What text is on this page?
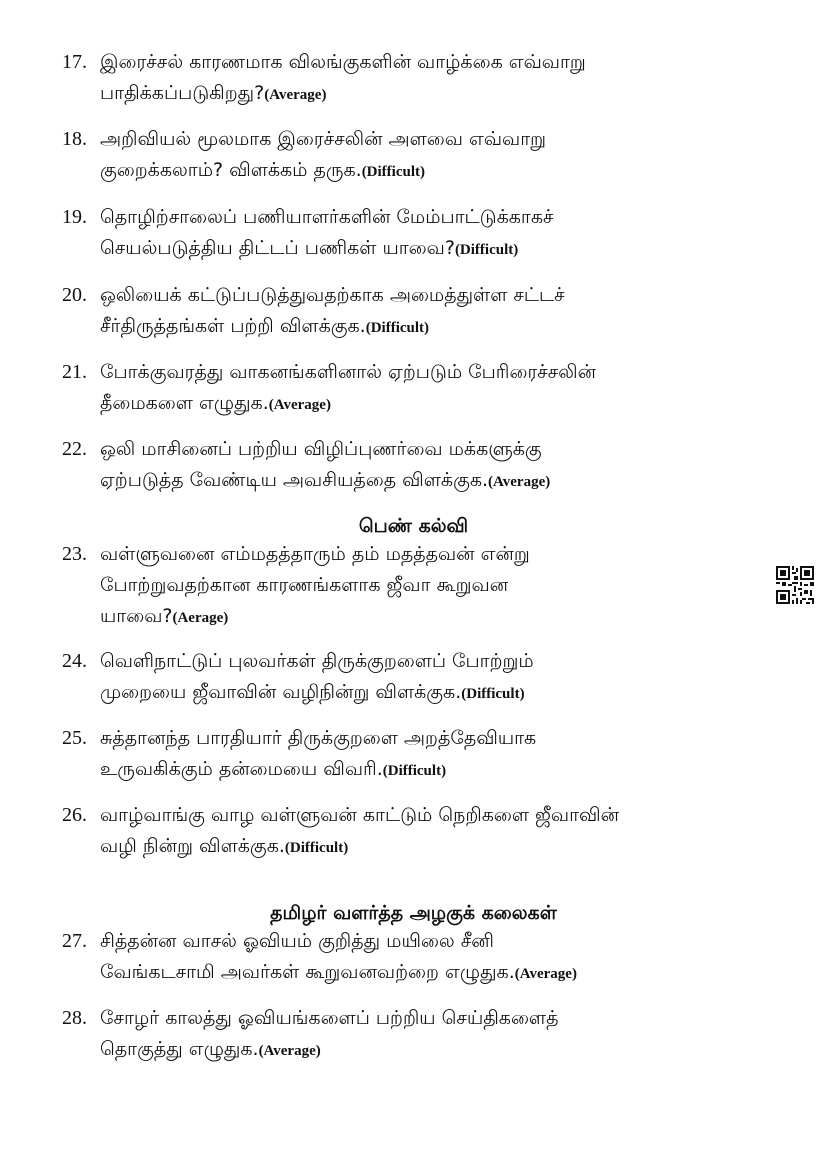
17. இரைச்சல் காரணமாக விலங்குகளின் வாழ்க்கை எவ்வாறு
பாதிக்கப்படுகிறது?(Average)
18. அறிவியல் மூலமாக இரைச்சலின் அளவை எவ்வாறு
குறைக்கலாம்? விளக்கம் தருக.(Difficult)
19. தொழிற்சாலைப் பணியாளர்களின் மேம்பாட்டுக்காகச்
செயல்படுத்திய திட்டப் பணிகள் யாவை?(Difficult)
20. ஒலியைக் கட்டுப்படுத்துவதற்காக அமைத்துள்ள சட்டச்
சீர்திருத்தங்கள் பற்றி விளக்குக.(Difficult)
21. போக்குவரத்து வாகனங்களினால் ஏற்படும் பேரிரைச்சலின்
தீமைகளை எழுதுக.(Average)
22. ஒலி மாசினைப் பற்றிய விழிப்புணர்வை மக்களுக்கு
ஏற்படுத்த வேண்டிய அவசியத்தை விளக்குக.(Average)
பெண் கல்வி
23. வள்ளுவனை எம்மதத்தாரும் தம் மதத்தவன் என்று
போற்றுவதற்கான காரணங்களாக ஜீவா கூறுவன
யாவை?(Aerage)
24. வெளிநாட்டுப் புலவர்கள் திருக்குறளைப் போற்றும்
முறையை ஜீவாவின் வழிநின்று விளக்குக.(Difficult)
25. சுத்தானந்த பாரதியார் திருக்குறளை அறத்தேவியாக
உருவகிக்கும் தன்மையை விவரி.(Difficult)
26. வாழ்வாங்கு வாழ வள்ளுவன் காட்டும் நெறிகளை ஜீவாவின்
வழி நின்று விளக்குக.(Difficult)
தமிழர் வளர்த்த அழகுக் கலைகள்
27. சித்தன்ன வாசல் ஓவியம் குறித்து மயிலை சீனி
வேங்கடசாமி அவர்கள் கூறுவனவற்றை எழுதுக.(Average)
28. சோழர் காலத்து ஓவியங்களைப் பற்றிய செய்திகளைத்
தொகுத்து எழுதுக.(Average)
